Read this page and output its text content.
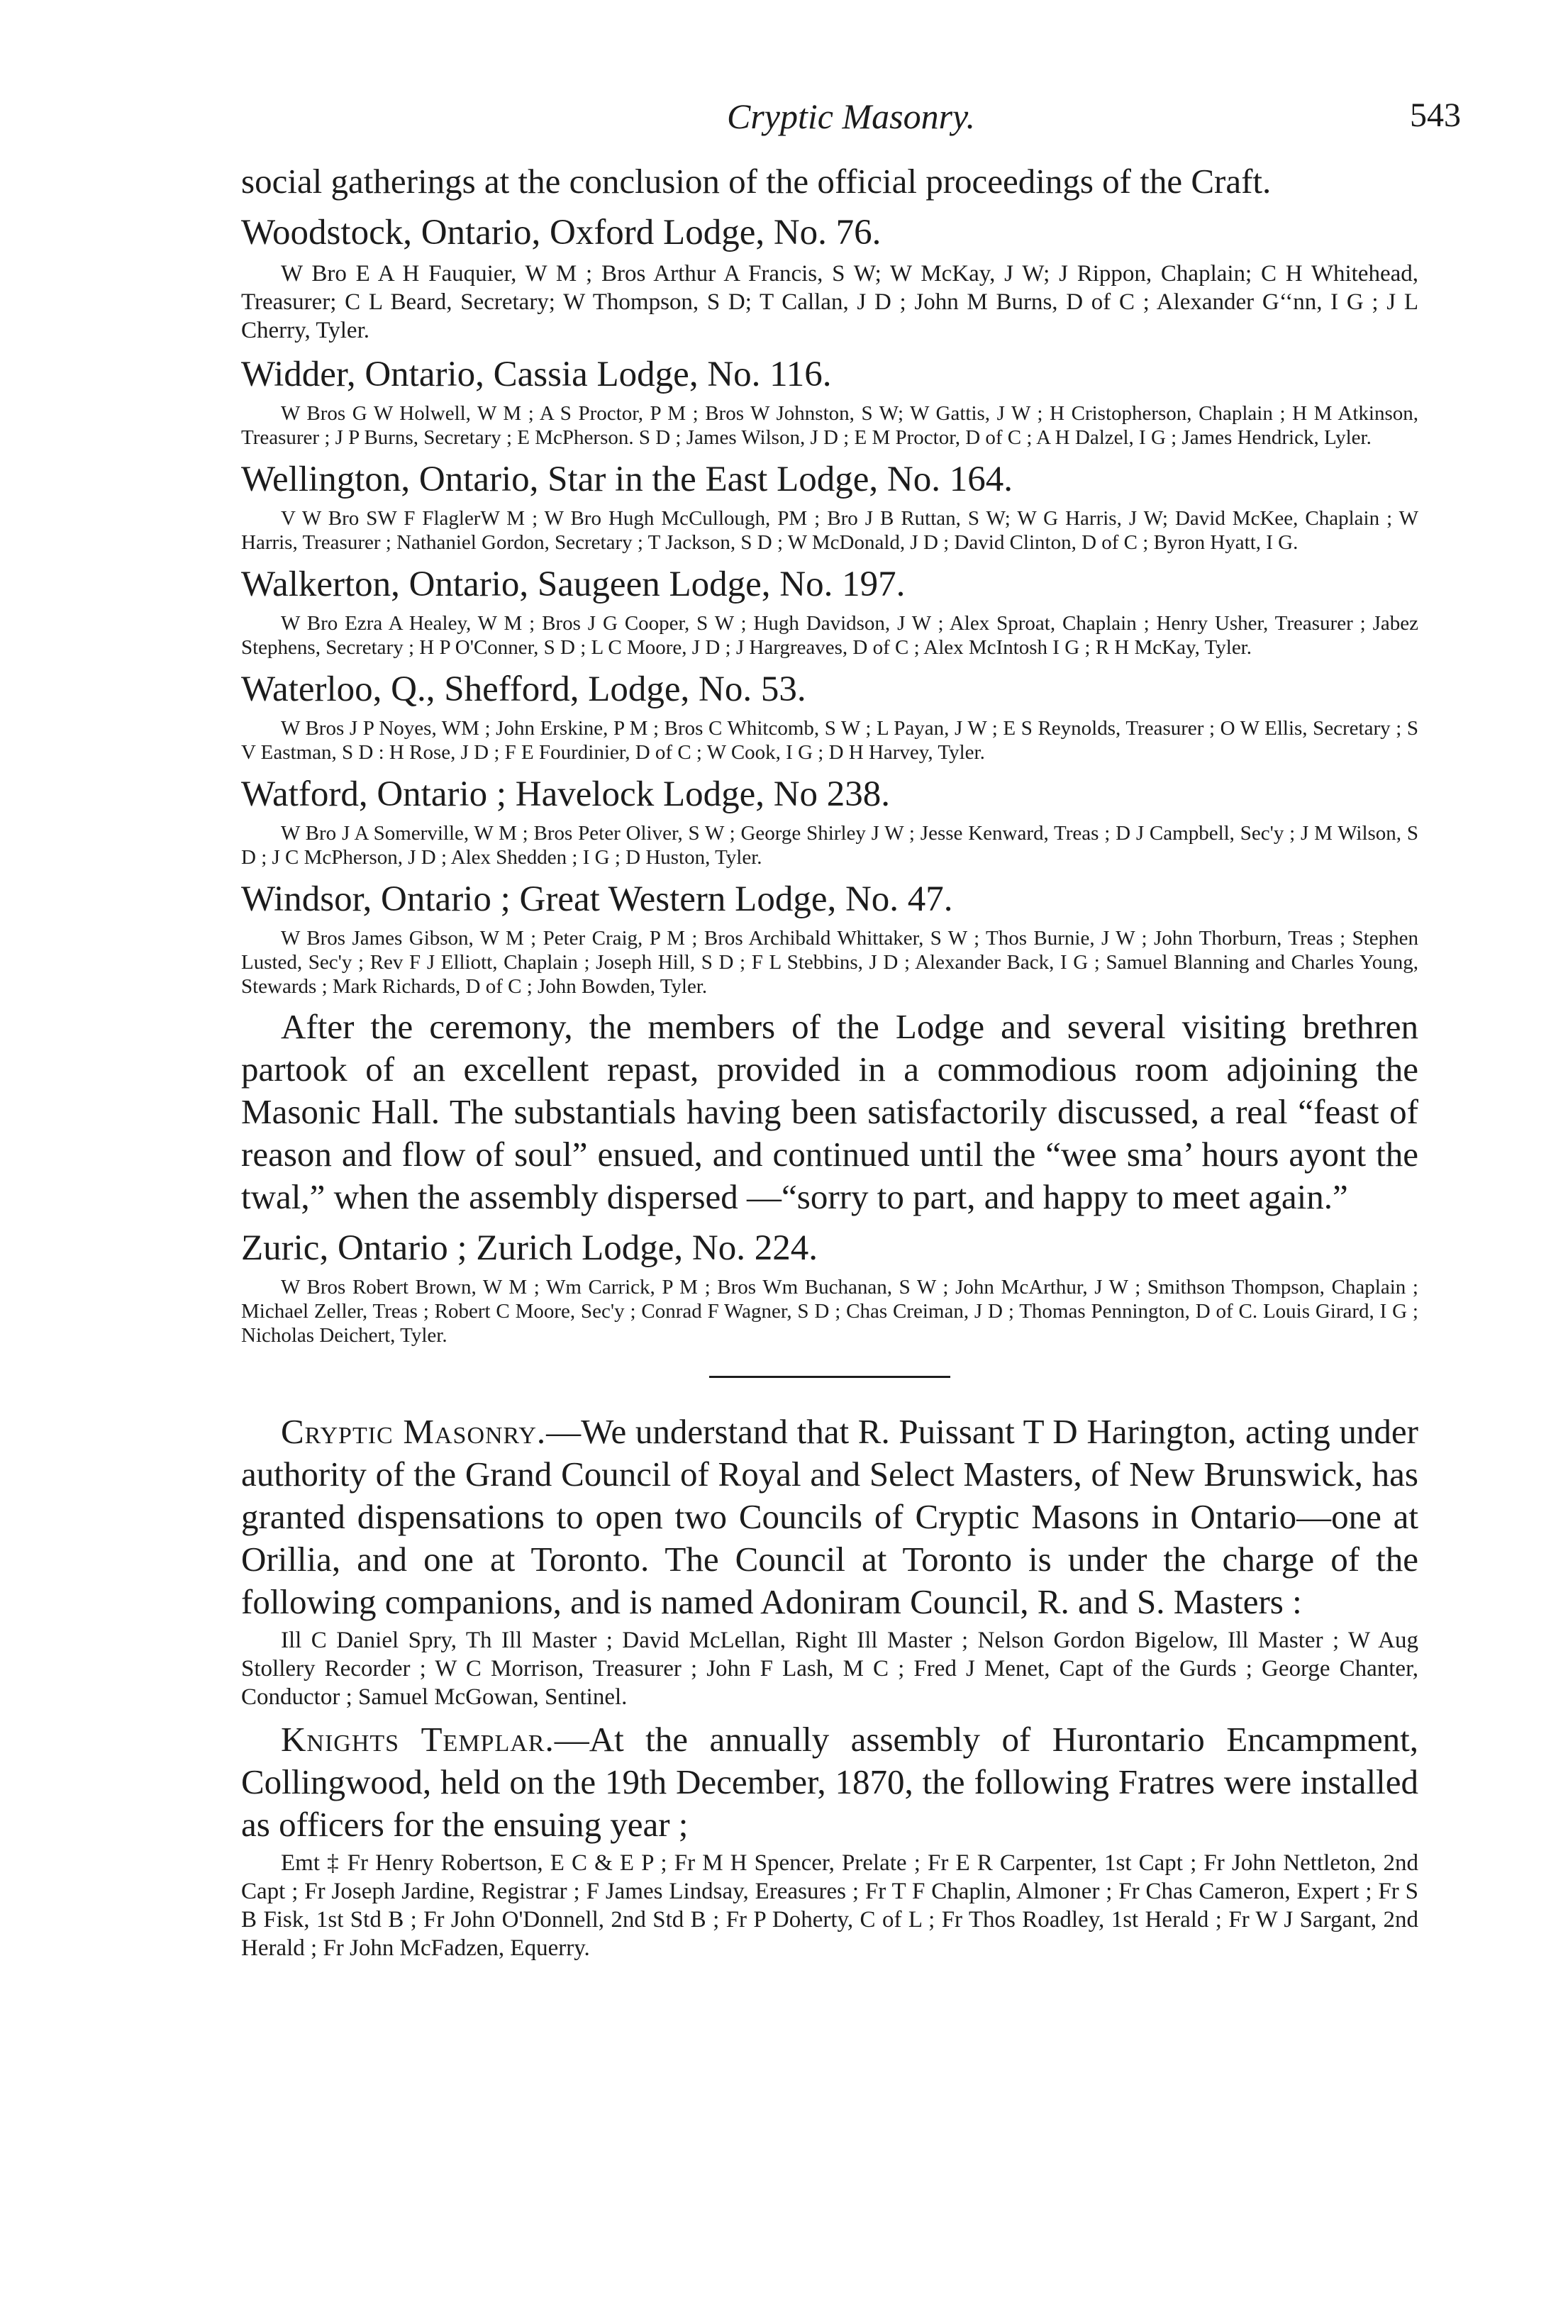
Cryptic Masonry.	543

social gatherings at the conclusion of the official proceedings of the Craft.

Woodstock, Ontario, Oxford Lodge, No. 76.

W Bro E A H Fauquier, W M ; Bros Arthur A Francis, S W; W McKay, J W; J Rippon, Chaplain; C H Whitehead, Treasurer; C L Beard, Secretary; W Thompson, S D; T Callan, J D ; John M Burns, D of C ; Alexander G‘‘nn, I G ; J L Cherry, Tyler.

Widder, Ontario, Cassia Lodge, No. 116.

W Bros G W Holwell, W M ; A S Proctor, P M ; Bros W Johnston, S W; W Gattis, J W ; H Cristopherson, Chaplain ; H M Atkinson, Treasurer ; J P Burns, Secretary ; E McPherson. S D ; James Wilson, J D ; E M Proctor, D of C ; A H Dalzel, I G ; James Hendrick, Lyler.

Wellington, Ontario, Star in the East Lodge, No. 164.

V W Bro SW F FlaglerW M ; W Bro Hugh McCullough, PM ; Bro J B Ruttan, S W; W G Harris, J W; David McKee, Chaplain ; W Harris, Treasurer ; Nathaniel Gordon, Secretary ; T Jackson, S D ; W McDonald, J D ; David Clinton, D of C ; Byron Hyatt, I G.

Walkerton, Ontario, Saugeen Lodge, No. 197.

W Bro Ezra A Healey, W M ; Bros J G Cooper, S W ; Hugh Davidson, J W ; Alex Sproat, Chaplain ; Henry Usher, Treasurer ; Jabez Stephens, Secretary ; H P O'Conner, S D ; L C Moore, J D ; J Hargreaves, D of C ; Alex McIntosh I G ; R H McKay, Tyler.

Waterloo, Q., Shefford, Lodge, No. 53.

W Bros J P Noyes, WM ; John Erskine, P M ; Bros C Whitcomb, S W ; L Payan, J W ; E S Reynolds, Treasurer ; O W Ellis, Secretary ; S V Eastman, S D : H Rose, J D ; F E Fourdinier, D of C ; W Cook, I G ; D H Harvey, Tyler.

Watford, Ontario ; Havelock Lodge, No 238.

W Bro J A Somerville, W M ; Bros Peter Oliver, S W ; George Shirley J W ; Jesse Kenward, Treas ; D J Campbell, Sec'y ; J M Wilson, S D ; J C McPherson, J D ; Alex Shedden ; I G ; D Huston, Tyler.

Windsor, Ontario ; Great Western Lodge, No. 47.

W Bros James Gibson, W M ; Peter Craig, P M ; Bros Archibald Whittaker, S W ; Thos Burnie, J W ; John Thorburn, Treas ; Stephen Lusted, Sec'y ; Rev F J Elliott, Chaplain ; Joseph Hill, S D ; F L Stebbins, J D ; Alexander Back, I G ; Samuel Blanning and Charles Young, Stewards ; Mark Richards, D of C ; John Bowden, Tyler.

After the ceremony, the members of the Lodge and several visiting brethren partook of an excellent repast, provided in a commodious room adjoining the Masonic Hall. The substantials having been satisfactorily discussed, a real “feast of reason and flow of soul” ensued, and continued until the “wee sma’ hours ayont the twal,” when the assembly dispersed —“sorry to part, and happy to meet again.”

Zuric, Ontario ; Zurich Lodge, No. 224.

W Bros Robert Brown, W M ; Wm Carrick, P M ; Bros Wm Buchanan, S W ; John McArthur, J W ; Smithson Thompson, Chaplain ; Michael Zeller, Treas ; Robert C Moore, Sec'y ; Conrad F Wagner, S D ; Chas Creiman, J D ; Thomas Pennington, D of C. Louis Girard, I G ; Nicholas Deichert, Tyler.

Cryptic Masonry.—We understand that R. Puissant T D Harington, acting under authority of the Grand Council of Royal and Select Masters, of New Brunswick, has granted dispensations to open two Councils of Cryptic Masons in Ontario—one at Orillia, and one at Toronto. The Council at Toronto is under the charge of the following companions, and is named Adoniram Council, R. and S. Masters :

Ill C Daniel Spry, Th Ill Master ; David McLellan, Right Ill Master ; Nelson Gordon Bigelow, Ill Master ; W Aug Stollery Recorder ; W C Morrison, Treasurer ; John F Lash, M C ; Fred J Menet, Capt of the Gurds ; George Chanter, Conductor ; Samuel McGowan, Sentinel.

Knights Templar.—At the annually assembly of Hurontario Encampment, Collingwood, held on the 19th December, 1870, the following Fratres were installed as officers for the ensuing year ;

Emt ‡ Fr Henry Robertson, E C & E P ; Fr M H Spencer, Prelate ; Fr E R Carpenter, 1st Capt ; Fr John Nettleton, 2nd Capt ; Fr Joseph Jardine, Registrar ; F James Lindsay, Ereasures ; Fr T F Chaplin, Almoner ; Fr Chas Cameron, Expert ; Fr S B Fisk, 1st Std B ; Fr John O'Donnell, 2nd Std B ; Fr P Doherty, C of L ; Fr Thos Roadley, 1st Herald ; Fr W J Sargant, 2nd Herald ; Fr John McFadzen, Equerry.
